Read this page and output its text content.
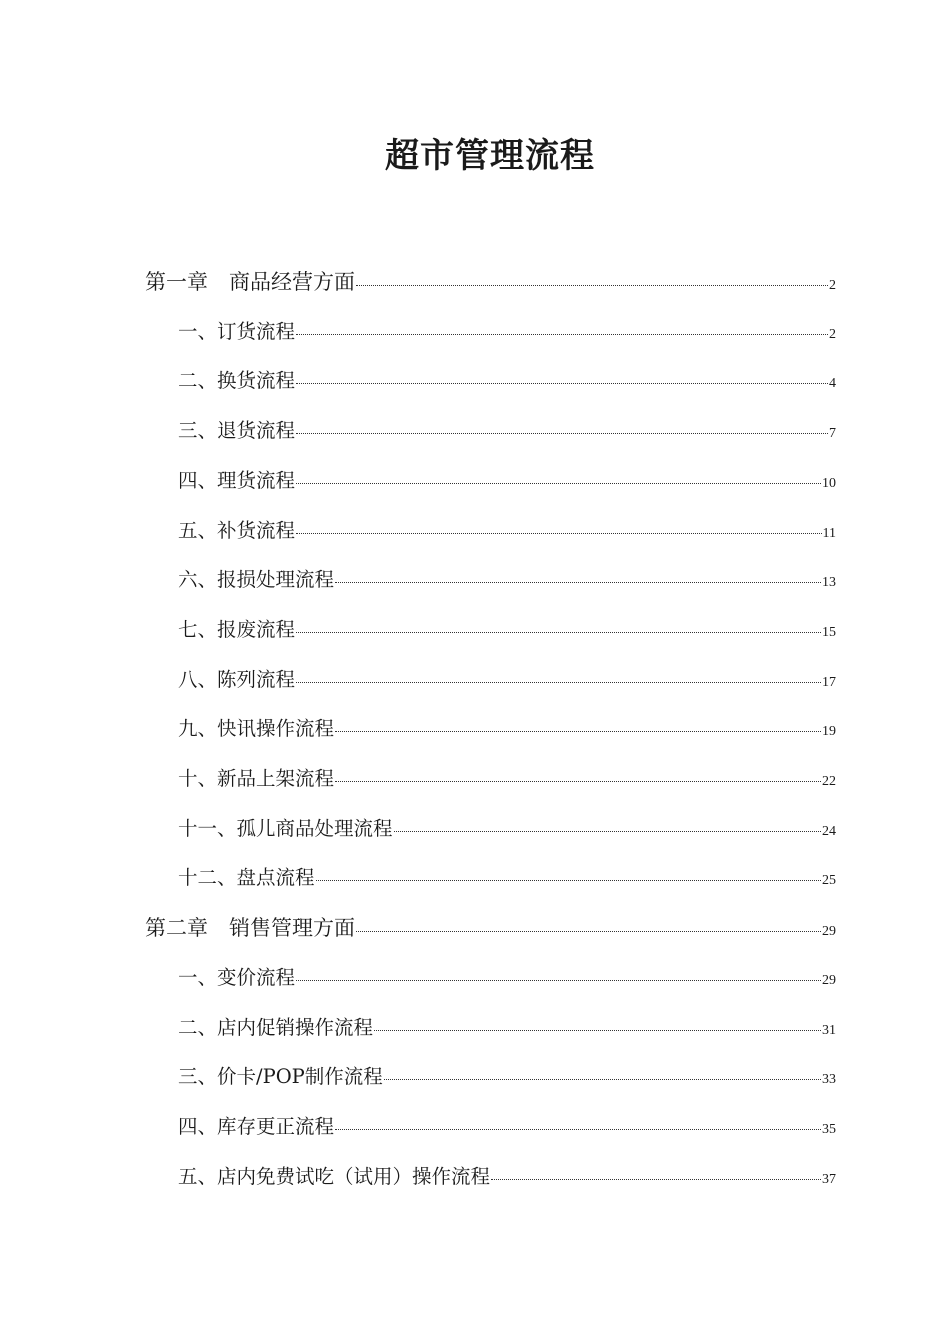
超市管理流程
第一章　商品经营方面	2
一、订货流程	2
二、换货流程	4
三、退货流程	7
四、理货流程	10
五、补货流程	11
六、报损处理流程	13
七、报废流程	15
八、陈列流程	17
九、快讯操作流程	19
十、新品上架流程	22
十一、孤儿商品处理流程	24
十二、盘点流程	25
第二章　销售管理方面	29
一、变价流程	29
二、店内促销操作流程	31
三、价卡/POP制作流程	33
四、库存更正流程	35
五、店内免费试吃（试用）操作流程	37
